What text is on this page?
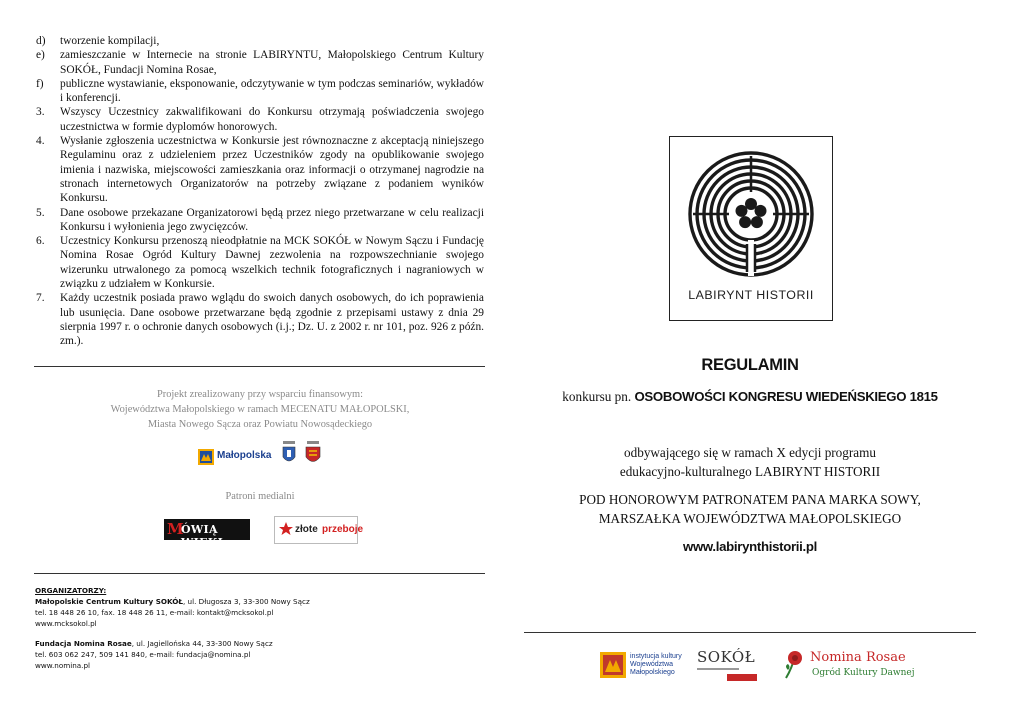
d)	tworzenie kompilacji,
e)	zamieszczanie w Internecie na stronie LABIRYNTU, Małopolskiego Centrum Kultury SOKÓŁ, Fundacji Nomina Rosae,
f)	publiczne wystawianie, eksponowanie, odczytywanie w tym podczas seminariów, wykładów i konferencji.
3.	Wszyscy Uczestnicy zakwalifikowani do Konkursu otrzymają poświadczenia swojego uczestnictwa w formie dyplomów honorowych.
4.	Wysłanie zgłoszenia uczestnictwa w Konkursie jest równoznaczne z akceptacją niniejszego Regulaminu oraz z udzieleniem przez Uczestników zgody na opublikowanie swojego imienia i nazwiska, miejscowości zamieszkania oraz informacji o otrzymanej nagrodzie na stronach internetowych Organizatorów na potrzeby związane z podaniem wyników Konkursu.
5.	Dane osobowe przekazane Organizatorowi będą przez niego przetwarzane w celu realizacji Konkursu i wyłonienia jego zwycięzców.
6.	Uczestnicy Konkursu przenoszą nieodpłatnie na MCK SOKÓŁ w Nowym Sączu i Fundację Nomina Rosae Ogród Kultury Dawnej zezwolenia na rozpowszechnianie swojego wizerunku utrwalonego za pomocą wszelkich technik fotograficznych i nagraniowych w związku z udziałem w Konkursie.
7.	Każdy uczestnik posiada prawo wglądu do swoich danych osobowych, do ich poprawienia lub usunięcia. Dane osobowe przetwarzane będą zgodnie z przepisami ustawy z dnia 29 sierpnia 1997 r. o ochronie danych osobowych (i.j.; Dz. U. z 2002 r. nr 101, poz. 926 z późn. zm.).
Projekt zrealizowany przy wsparciu finansowym:
Województwa Małopolskiego w ramach MECENATU MAŁOPOLSKI,
Miasta Nowego Sącza oraz Powiatu Nowosądeckiego
Małopolska
Patroni medialni
M
ÓWIĄ WIEKI
złote przeboje
ORGANIZATORZY:
Małopolskie Centrum Kultury SOKÓŁ, ul. Długosza 3, 33-300 Nowy Sącz
tel. 18 448 26 10, fax. 18 448 26 11, e-mail: kontakt@mcksokol.pl
www.mcksokol.pl
Fundacja Nomina Rosae, ul. Jagiellońska 44, 33-300 Nowy Sącz
tel. 603 062 247, 509 141 840, e-mail: fundacja@nomina.pl
www.nomina.pl
LABIRYNT HISTORII
REGULAMIN
konkursu pn. OSOBOWOŚCI KONGRESU WIEDEŃSKIEGO 1815
odbywającego się w ramach X edycji programu
edukacyjno-kulturalnego LABIRYNT HISTORII
POD HONOROWYM PATRONATEM PANA MARKA SOWY,
MARSZAŁKA WOJEWÓDZTWA MAŁOPOLSKIEGO
www.labirynthistorii.pl
instytucja kultury
Województwa
Małopolskiego
SOKÓŁ	Nomina Rosae
Ogród Kultury Dawnej
